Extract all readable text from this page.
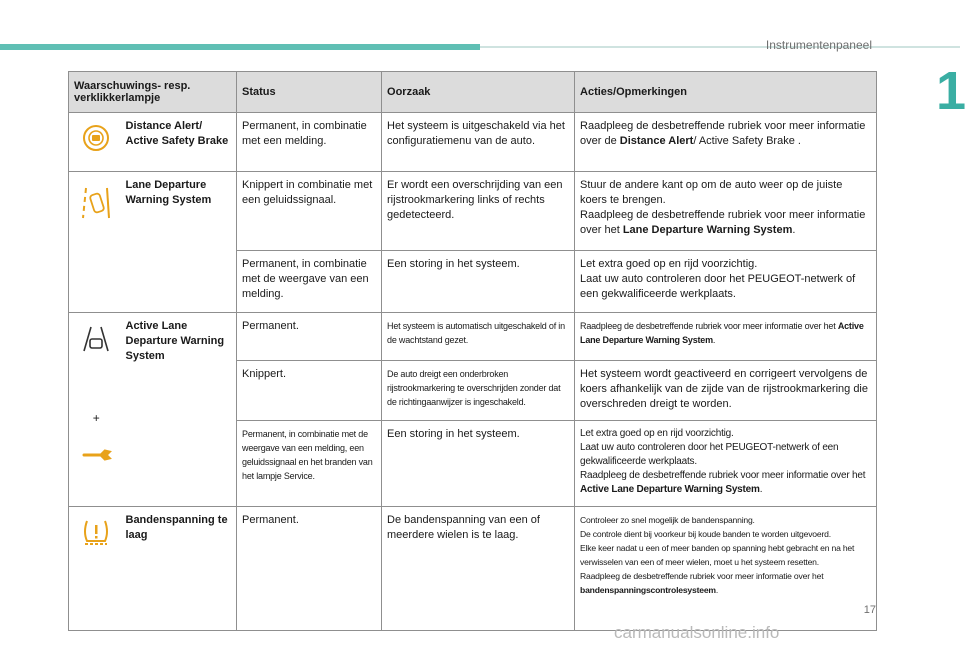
Instrumentenpaneel
1
Waarschuwings- resp. verklikkerlampje		Status	Oorzaak	Acties/Opmerkingen

	Distance Alert/ Active Safety Brake	Permanent, in combinatie met een melding.	Het systeem is uitgeschakeld via het configuratiemenu van de auto.	Raadpleeg de desbetreffende rubriek voor meer informatie over de Distance Alert/ Active Safety Brake .

	Lane Departure Warning System	Knippert in combinatie met een geluidssignaal.	Er wordt een overschrijding van een rijstrookmarkering links of rechts gedetecteerd.	Stuur de andere kant op om de auto weer op de juiste koers te brengen.
Raadpleeg de desbetreffende rubriek voor meer informatie over het Lane Departure Warning System.

		Permanent, in combinatie met de weergave van een melding.	Een storing in het systeem.	Let extra goed op en rijd voorzichtig.
Laat uw auto controleren door het PEUGEOT-netwerk of een gekwalificeerde werkplaats.

+	Active Lane Departure Warning System	Permanent.	Het systeem is automatisch uitgeschakeld of in de wachtstand gezet.	Raadpleeg de desbetreffende rubriek voor meer informatie over het Active Lane Departure Warning System.
		Knippert.	De auto dreigt een onderbroken rijstrookmarkering te overschrijden zonder dat de richtingaanwijzer is ingeschakeld.	Het systeem wordt geactiveerd en corrigeert vervolgens de koers afhankelijk van de zijde van de rijstrookmarkering die overschreden dreigt te worden.
		Permanent, in combinatie met de weergave van een melding, een geluidssignaal en het branden van het lampje Service.	Een storing in het systeem.	Let extra goed op en rijd voorzichtig.
Laat uw auto controleren door het PEUGEOT-netwerk of een gekwalificeerde werkplaats.
Raadpleeg de desbetreffende rubriek voor meer informatie over het Active Lane Departure Warning System.

	Bandenspanning te laag	Permanent.	De bandenspanning van een of meerdere wielen is te laag.	Controleer zo snel mogelijk de bandenspanning.
De controle dient bij voorkeur bij koude banden te worden uitgevoerd.
Elke keer nadat u een of meer banden op spanning hebt gebracht en na het verwisselen van een of meer wielen, moet u het systeem resetten.
Raadpleeg de desbetreffende rubriek voor meer informatie over het bandenspanningscontrolesysteem.
17
carmanualsonline.info
